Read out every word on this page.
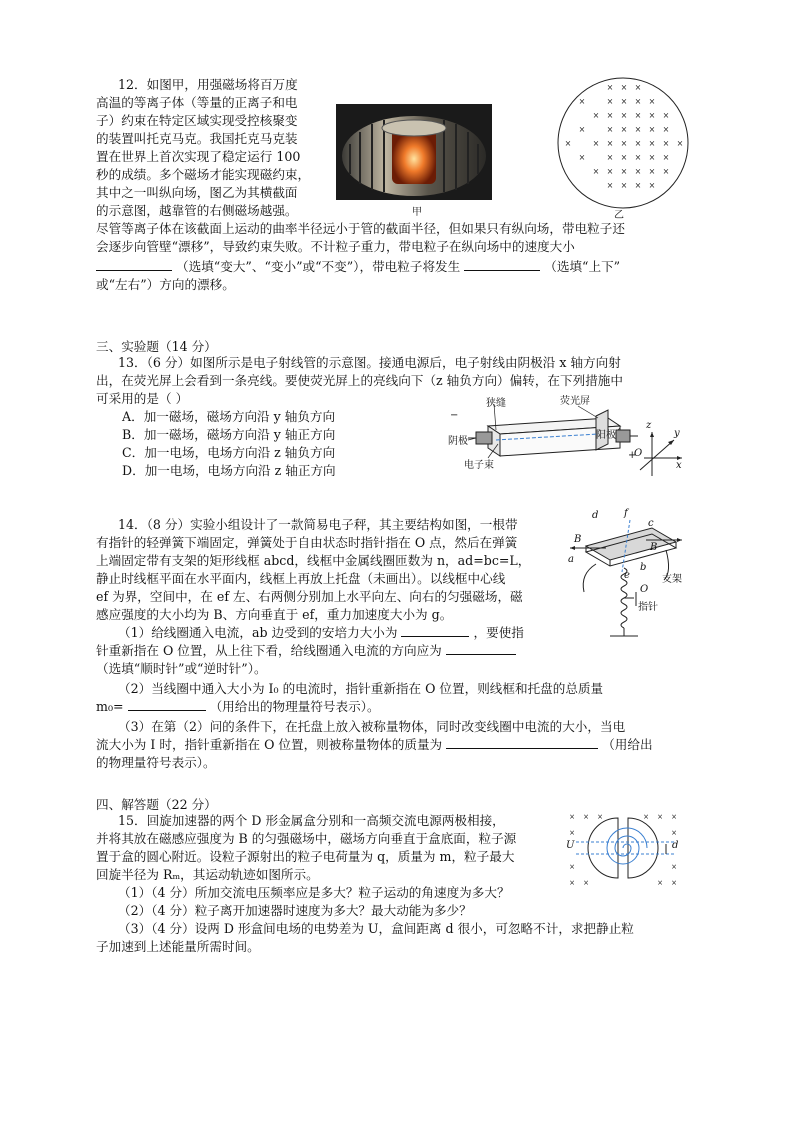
12．如图甲，用强磁场将百万度
高温的等离子体（等量的正离子和电
子）约束在特定区域实现受控核聚变
的装置叫托克马克。我国托克马克装
置在世界上首次实现了稳定运行 100
秒的成绩。多个磁场才能实现磁约束，
其中之一叫纵向场，图乙为其横截面
的示意图，越靠管的右侧磁场越强。
尽管等离子体在该截面上运动的曲率半径远小于管的截面半径，但如果只有纵向场，带电粒子还
会逐步向管壁“漂移”，导致约束失败。不计粒子重力，带电粒子在纵向场中的速度大小
（选填“变大”、“变小”或“不变”），带电粒子将发生	（选填“上下”
或“左右”）方向的漂移。
甲
× × ×
×	× × × ×
× × × × × ×
×	× × × × ×
×	× × × × × × ×
×	× × × × ×
× × × × × ×
× × × ×
乙
三、实验题（14 分）
13．（6 分）如图所示是电子射线管的示意图。接通电源后，电子射线由阴极沿 x 轴方向射
出，在荧光屏上会看到一条亮线。要使荧光屏上的亮线向下（z 轴负方向）偏转，在下列措施中
可采用的是（ ）
A．加一磁场，磁场方向沿 y 轴负方向
B．加一磁场，磁场方向沿 y 轴正方向
C．加一电场，电场方向沿 z 轴负方向
D．加一电场，电场方向沿 z 轴正方向
狭缝	荧光屏
−
阴极
阳极
+
电子束
z
y
x
O
14．（8 分）实验小组设计了一款简易电子秤，其主要结构如图，一根带
有指针的轻弹簧下端固定，弹簧处于自由状态时指针指在 O 点，然后在弹簧
上端固定带有支架的矩形线框 abcd，线框中金属线圈匝数为 n，ad=bc=L，
静止时线框平面在水平面内，线框上再放上托盘（未画出）。以线框中心线
ef 为界，空间中，在 ef 左、右两侧分别加上水平向左、向右的匀强磁场，磁
感应强度的大小均为 B、方向垂直于 ef，重力加速度大小为 g。
（1）给线圈通入电流，ab 边受到的安培力大小为	，要使指
针重新指在 O 位置，从上往下看，给线圈通入电流的方向应为
（选填“顺时针”或“逆时针”）。
（2）当线圈中通入大小为 I₀ 的电流时，指针重新指在 O 位置，则线框和托盘的总质量
m₀=	（用给出的物理量符号表示）。
（3）在第（2）问的条件下，在托盘上放入被称量物体，同时改变线圈中电流的大小，当电
流大小为 I 时，指针重新指在 O 位置，则被称量物体的质量为	（用给出
的物理量符号表示）。
d	f
c
a
b
e
B
B
支架
指针
O
四、解答题（22 分）
15．回旋加速器的两个 D 形金属盒分别和一高频交流电源两极相接，
并将其放在磁感应强度为 B 的匀强磁场中，磁场方向垂直于盒底面，粒子源
置于盒的圆心附近。设粒子源射出的粒子电荷量为 q，质量为 m，粒子最大
回旋半径为 Rₘ，其运动轨迹如图所示。
（1）（4 分）所加交流电压频率应是多大？粒子运动的角速度为多大？
（2）（4 分）粒子离开加速器时速度为多大？最大动能为多少？
（3）（4 分）设两 D 形盒间电场的电势差为 U，盒间距离 d 很小，可忽略不计，求把静止粒
子加速到上述能量所需时间。
× × ×	× × ×
×	×
×	×
× ×	× ×
U	d
